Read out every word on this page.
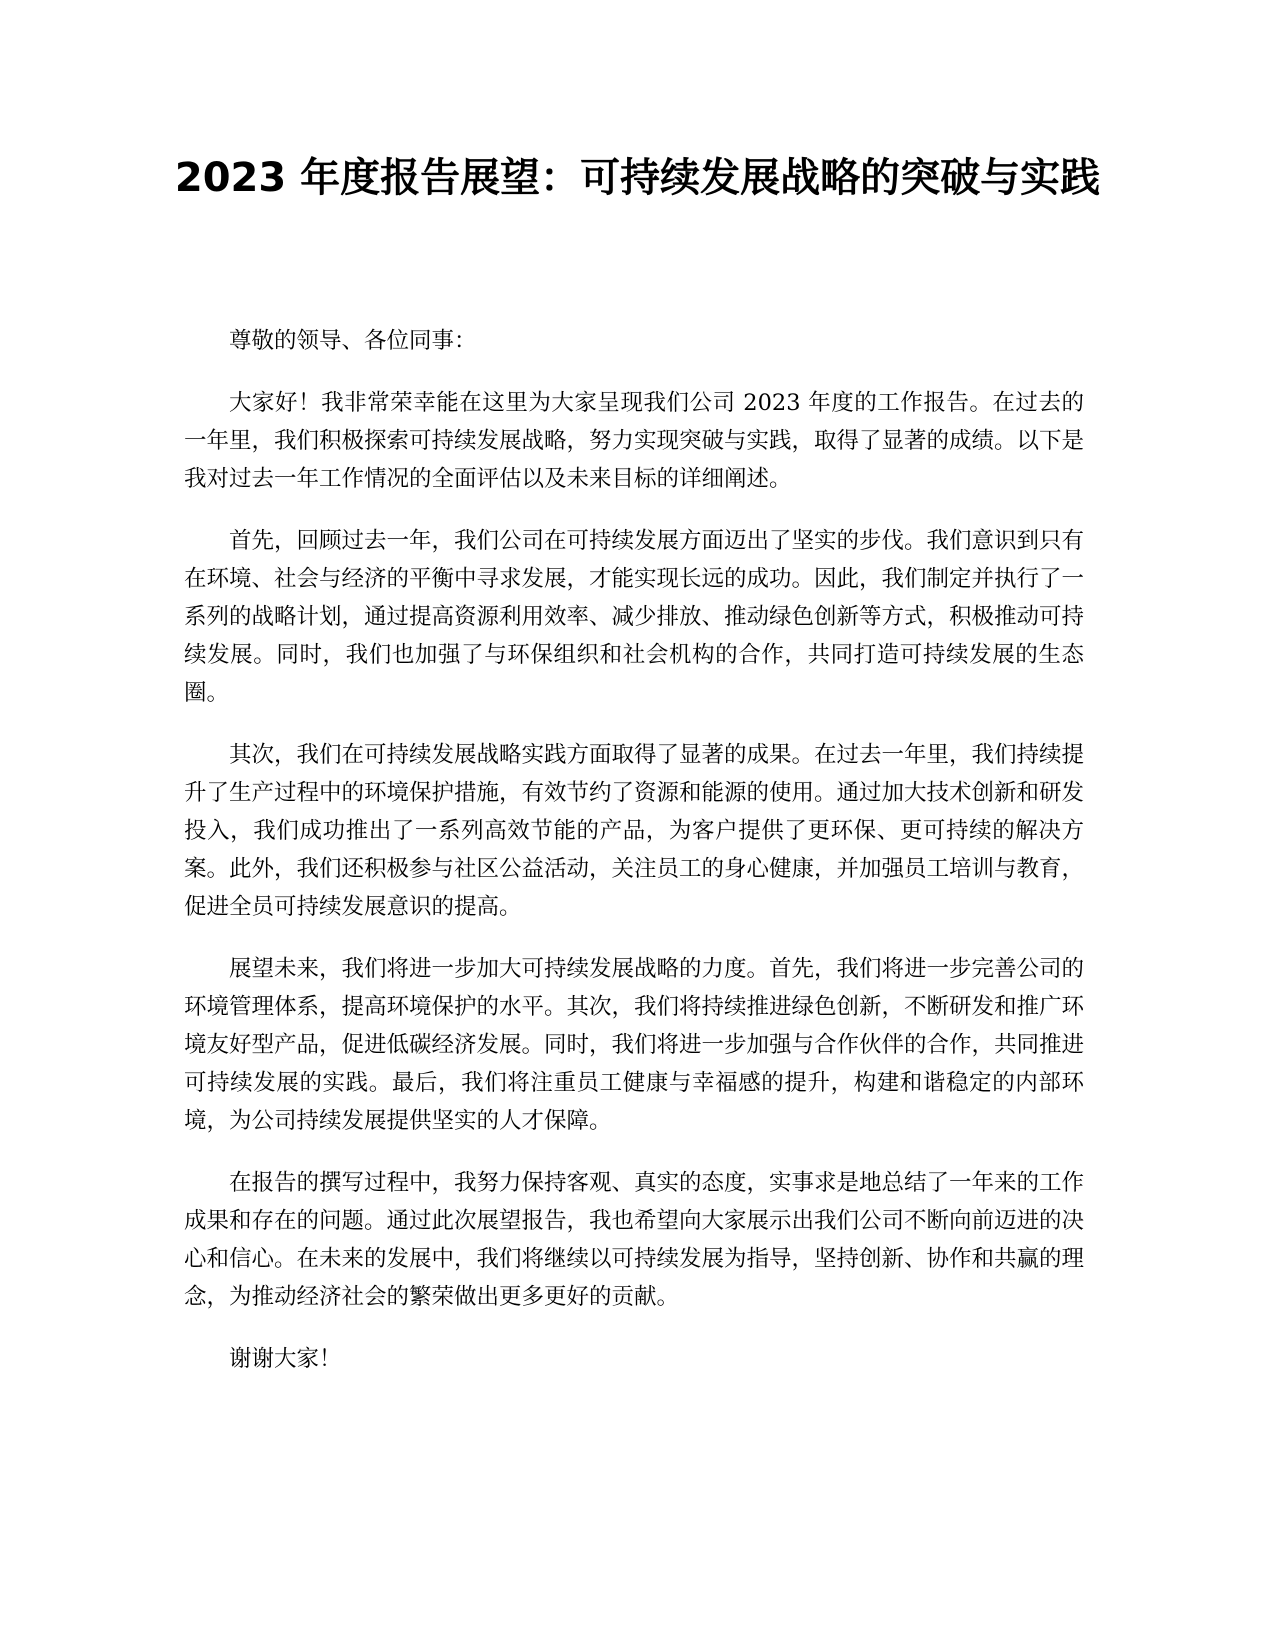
2023 年度报告展望：可持续发展战略的突破与实践

尊敬的领导、各位同事：

大家好！我非常荣幸能在这里为大家呈现我们公司 2023 年度的工作报告。在过去的一年里，我们积极探索可持续发展战略，努力实现突破与实践，取得了显著的成绩。以下是我对过去一年工作情况的全面评估以及未来目标的详细阐述。

首先，回顾过去一年，我们公司在可持续发展方面迈出了坚实的步伐。我们意识到只有在环境、社会与经济的平衡中寻求发展，才能实现长远的成功。因此，我们制定并执行了一系列的战略计划，通过提高资源利用效率、减少排放、推动绿色创新等方式，积极推动可持续发展。同时，我们也加强了与环保组织和社会机构的合作，共同打造可持续发展的生态圈。

其次，我们在可持续发展战略实践方面取得了显著的成果。在过去一年里，我们持续提升了生产过程中的环境保护措施，有效节约了资源和能源的使用。通过加大技术创新和研发投入，我们成功推出了一系列高效节能的产品，为客户提供了更环保、更可持续的解决方案。此外，我们还积极参与社区公益活动，关注员工的身心健康，并加强员工培训与教育，促进全员可持续发展意识的提高。

展望未来，我们将进一步加大可持续发展战略的力度。首先，我们将进一步完善公司的环境管理体系，提高环境保护的水平。其次，我们将持续推进绿色创新，不断研发和推广环境友好型产品，促进低碳经济发展。同时，我们将进一步加强与合作伙伴的合作，共同推进可持续发展的实践。最后，我们将注重员工健康与幸福感的提升，构建和谐稳定的内部环境，为公司持续发展提供坚实的人才保障。

在报告的撰写过程中，我努力保持客观、真实的态度，实事求是地总结了一年来的工作成果和存在的问题。通过此次展望报告，我也希望向大家展示出我们公司不断向前迈进的决心和信心。在未来的发展中，我们将继续以可持续发展为指导，坚持创新、协作和共赢的理念，为推动经济社会的繁荣做出更多更好的贡献。

谢谢大家！
